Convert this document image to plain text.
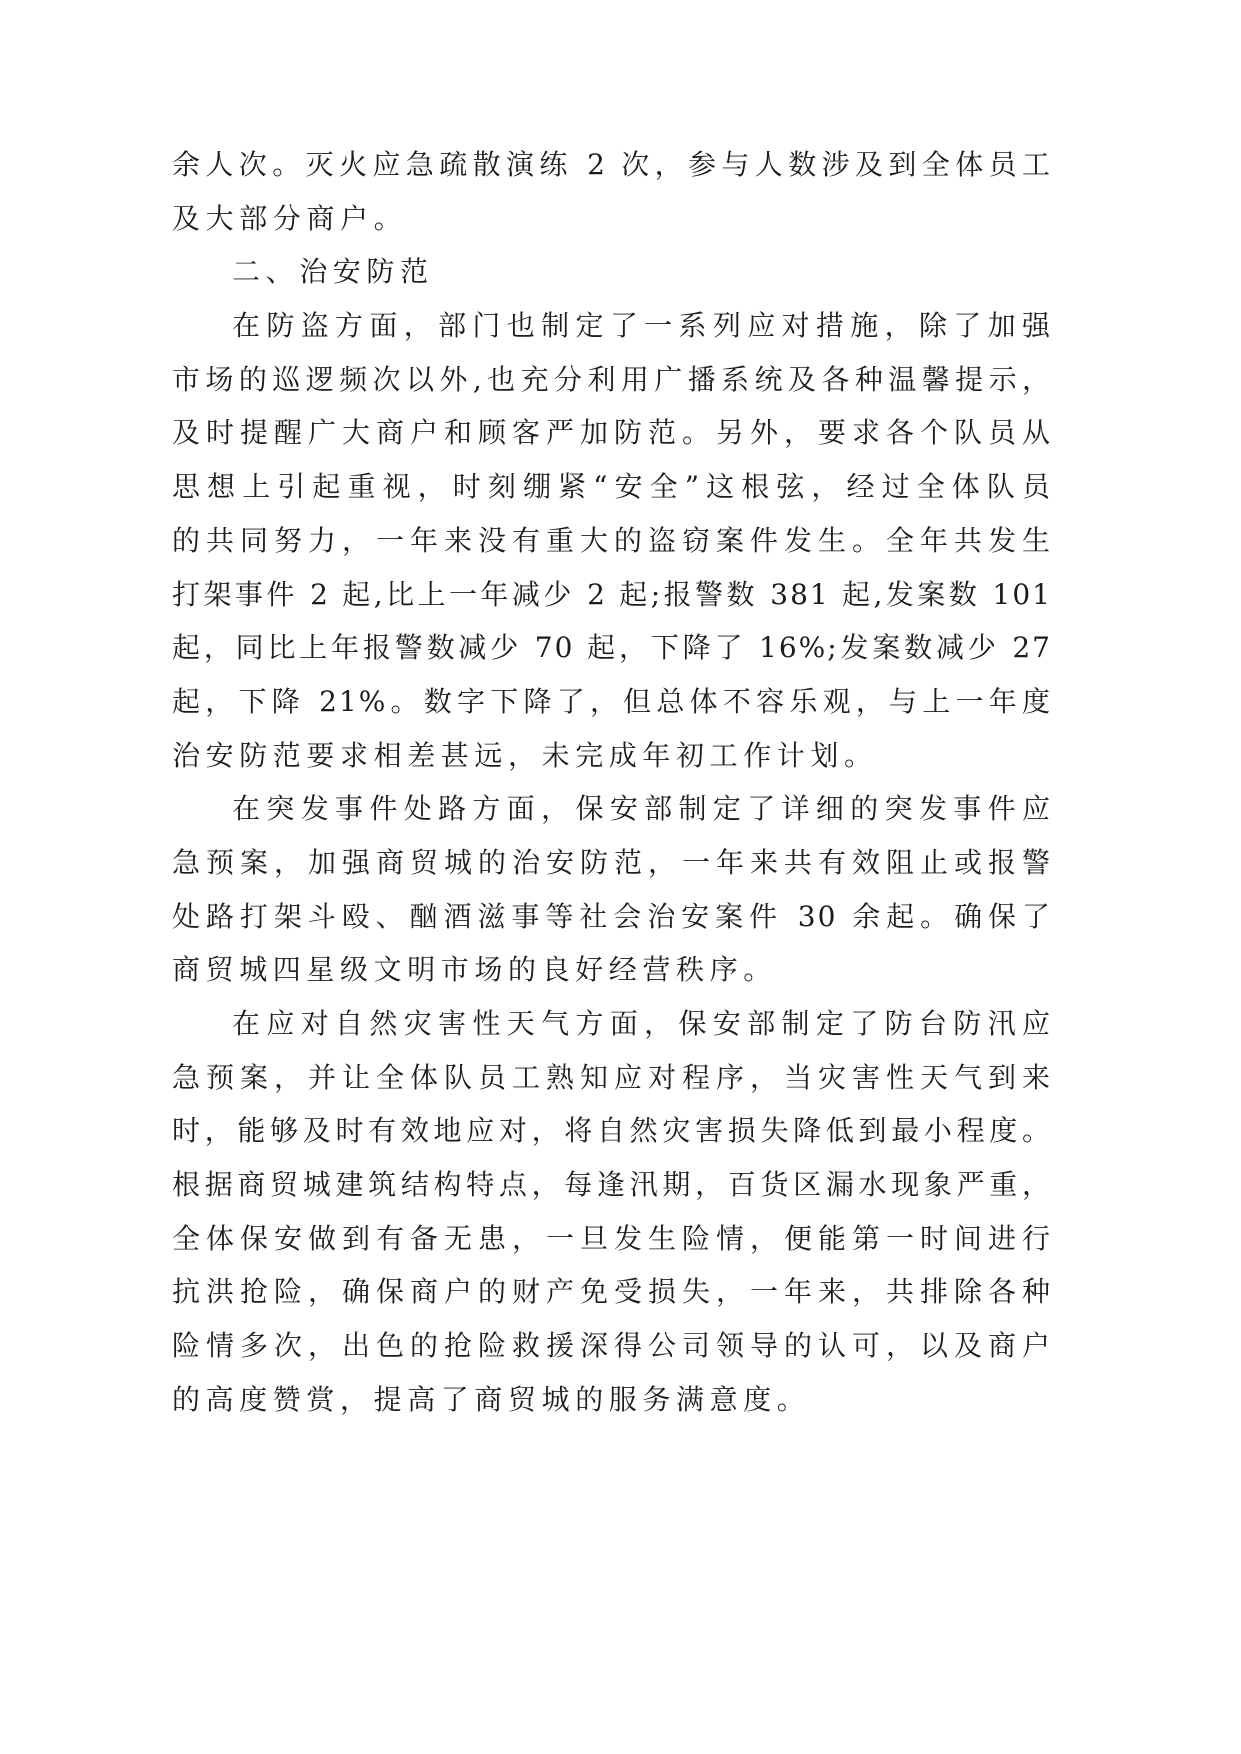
余人次。灭火应急疏散演练 2 次，参与人数涉及到全体员工
及大部分商户。
二、治安防范
在防盗方面，部门也制定了一系列应对措施，除了加强
市场的巡逻频次以外,也充分利用广播系统及各种温馨提示，
及时提醒广大商户和顾客严加防范。另外，要求各个队员从
思想上引起重视，时刻绷紧“安全”这根弦，经过全体队员
的共同努力，一年来没有重大的盗窃案件发生。全年共发生
打架事件 2 起,比上一年减少 2 起;报警数 381 起,发案数 101
起，同比上年报警数减少 70 起，下降了 16%;发案数减少 27
起，下降 21%。数字下降了，但总体不容乐观，与上一年度
治安防范要求相差甚远，未完成年初工作计划。
在突发事件处路方面，保安部制定了详细的突发事件应
急预案，加强商贸城的治安防范，一年来共有效阻止或报警
处路打架斗殴、酗酒滋事等社会治安案件 30 余起。确保了
商贸城四星级文明市场的良好经营秩序。
在应对自然灾害性天气方面，保安部制定了防台防汛应
急预案，并让全体队员工熟知应对程序，当灾害性天气到来
时，能够及时有效地应对，将自然灾害损失降低到最小程度。
根据商贸城建筑结构特点，每逢汛期，百货区漏水现象严重，
全体保安做到有备无患，一旦发生险情，便能第一时间进行
抗洪抢险，确保商户的财产免受损失，一年来，共排除各种
险情多次，出色的抢险救援深得公司领导的认可，以及商户
的高度赞赏，提高了商贸城的服务满意度。
